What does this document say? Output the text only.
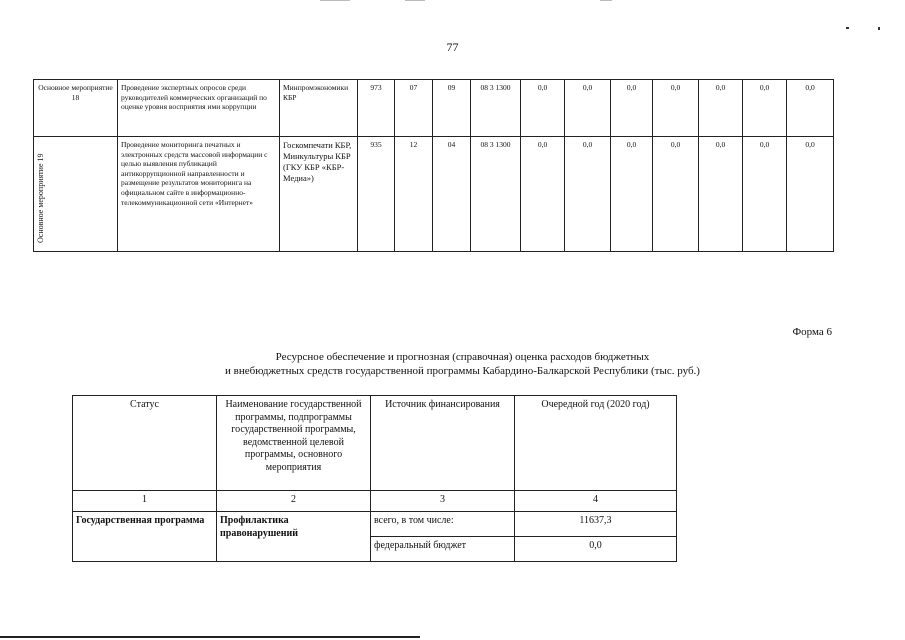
77
Основное мероприятие 18	Проведение экспертных опросов среди руководителей коммерческих организаций по оценке уровня восприятия ими коррупции	Минпромэкономики КБР	973	07	09	08 3 1300	0,0	0,0	0,0	0,0	0,0	0,0	0,0

Основное мероприятие 19	Проведение мониторинга печатных и электронных средств массовой информации с целью выявления публикаций антикоррупционной направленности и размещение результатов мониторинга на официальном сайте в информационно-телекоммуникационной сети «Интернет»	Госкомпечати КБР, Минкультуры КБР (ГКУ КБР «КБР-Медиа»)	935	12	04	08 3 1300	0,0	0,0	0,0	0,0	0,0	0,0	0,0
Форма 6
Ресурсное обеспечение и прогнозная (справочная) оценка расходов бюджетных
и внебюджетных средств государственной программы Кабардино-Балкарской Республики (тыс. руб.)
Статус	Наименование государственной программы, подпрограммы государственной программы, ведомственной целевой программы, основного мероприятия	Источник финансирования	Очередной год (2020 год)
1	2	3	4
Государственная программа	Профилактика правонарушений	всего, в том числе:	11637,3
		федеральный бюджет	0,0
